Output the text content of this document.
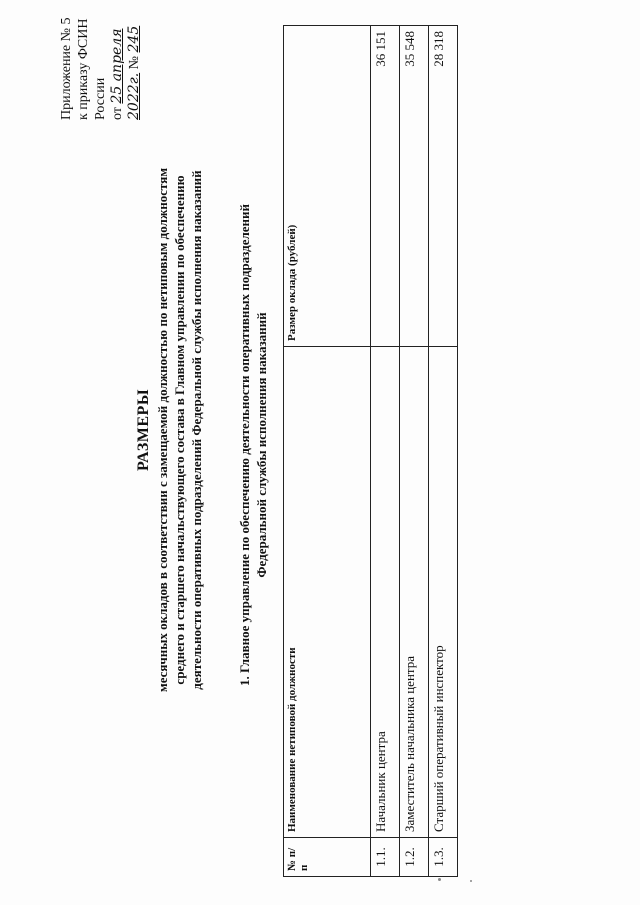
Приложение № 5 к приказу ФСИН России от 25 апреля 2022г. № 245
РАЗМЕРЫ месячных окладов в соответствии с замещаемой должностью по нетиповым должностям среднего и старшего начальствующего состава в Главном управлении по обеспечению деятельности оперативных подразделений Федеральной службы исполнения наказаний	1. Главное управление по обеспечению деятельности оперативных подразделений Федеральной службы исполнения наказаний
№ п/п	Наименование нетиповой должности	Размер оклада (рублей)
1.1.	Начальник центра	36 151
1.2.	Заместитель начальника центра	35 548
1.3.	Старший оперативный инспектор	28 318
